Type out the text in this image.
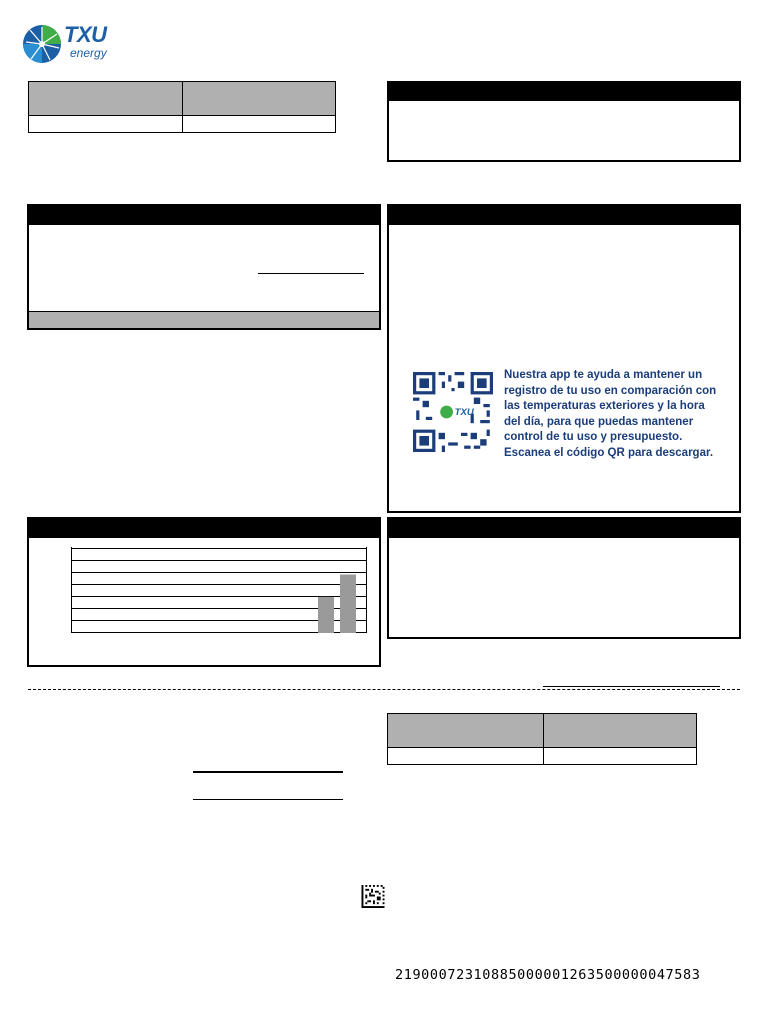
TXU
energy
TXU
Nuestra app te ayuda a mantener un registro de tu uso en comparación con las temperaturas exteriores y la hora del día, para que puedas mantener control de tu uso y presupuesto. Escanea el código QR para descargar.
21900072310885000001263500000047583
